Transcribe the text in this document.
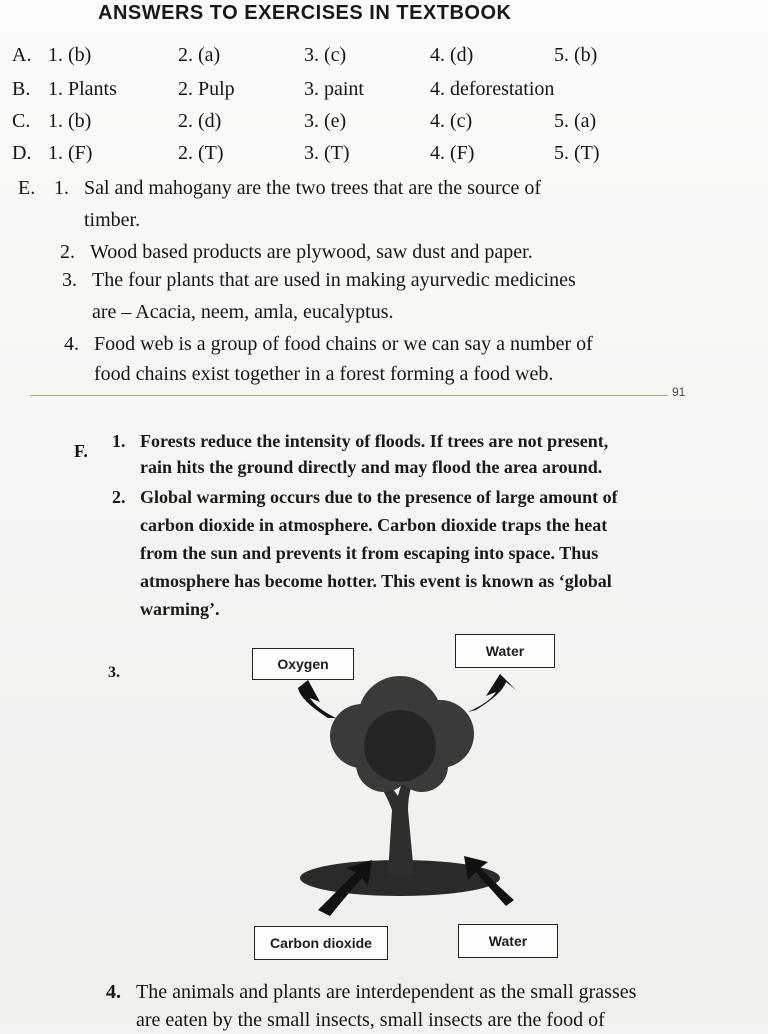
91
ANSWERS TO EXERCISES IN TEXTBOOK
A. 1. (b)	2. (a)	3. (c)	4. (d)	5. (b)
B. 1. Plants	2. Pulp	3. paint	4. deforestation
C. 1. (b)	2. (d)	3. (e)	4. (c)	5. (a)
D. 1. (F)	2. (T)	3. (T)	4. (F)	5. (T)
E. 1. Sal and mahogany are the two trees that are the source of
timber.
2. Wood based products are plywood, saw dust and paper.
3. The four plants that are used in making ayurvedic medicines
are – Acacia, neem, amla, eucalyptus.
4. Food web is a group of food chains or we can say a number of
food chains exist together in a forest forming a food web.
F. 1. Forests reduce the intensity of floods. If trees are not present,
rain hits the ground directly and may flood the area around.
2. Global warming occurs due to the presence of large amount of
carbon dioxide in atmosphere. Carbon dioxide traps the heat
from the sun and prevents it from escaping into space. Thus
atmosphere has become hotter. This event is known as ‘global
warming’.
3.	Oxygen
Water
Carbon dioxide	Water
4. The animals and plants are interdependent as the small grasses
are eaten by the small insects, small insects are the food of
